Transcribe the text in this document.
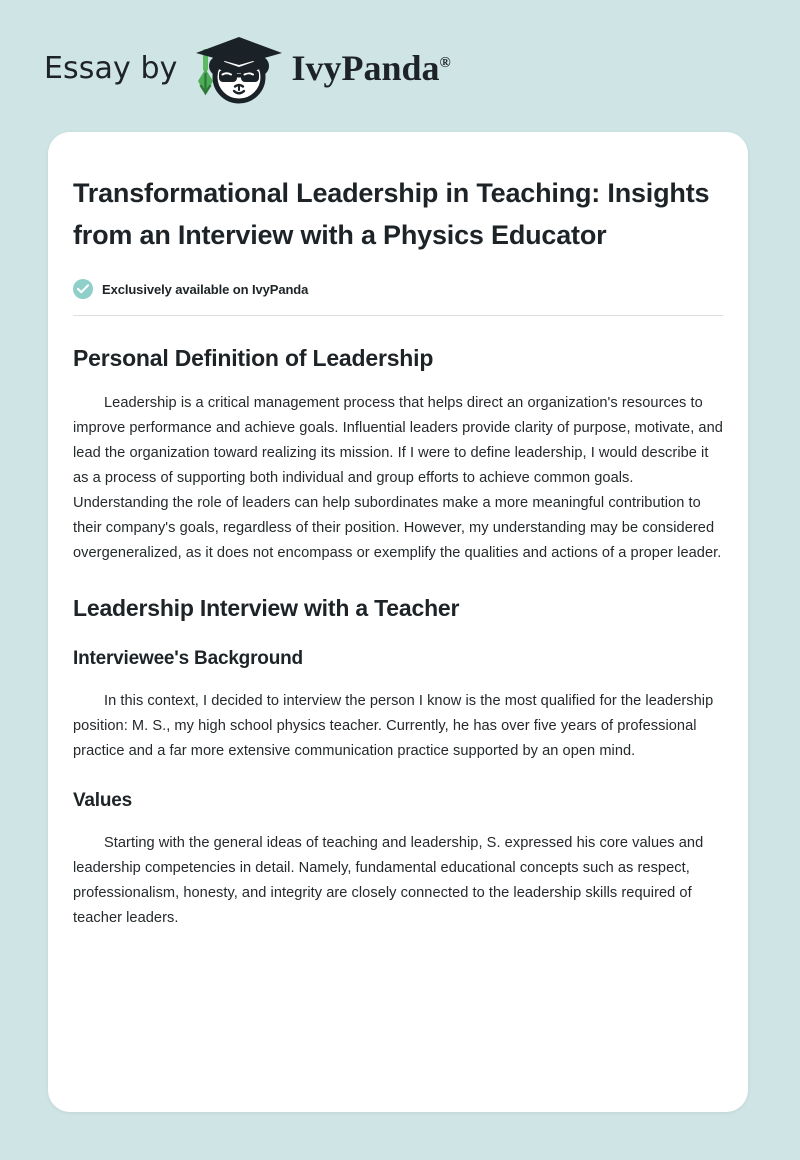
Essay by	IvyPanda®
Transformational Leadership in Teaching: Insights from an Interview with a Physics Educator
Exclusively available on IvyPanda
Personal Definition of Leadership

Leadership is a critical management process that helps direct an organization's resources to improve performance and achieve goals. Influential leaders provide clarity of purpose, motivate, and lead the organization toward realizing its mission. If I were to define leadership, I would describe it as a process of supporting both individual and group efforts to achieve common goals. Understanding the role of leaders can help subordinates make a more meaningful contribution to their company's goals, regardless of their position. However, my understanding may be considered overgeneralized, as it does not encompass or exemplify the qualities and actions of a proper leader.

Leadership Interview with a Teacher
Interviewee's Background

In this context, I decided to interview the person I know is the most qualified for the leadership position: M. S., my high school physics teacher. Currently, he has over five years of professional practice and a far more extensive communication practice supported by an open mind.

Values

Starting with the general ideas of teaching and leadership, S. expressed his core values and leadership competencies in detail. Namely, fundamental educational concepts such as respect, professionalism, honesty, and integrity are closely connected to the leadership skills required of teacher leaders.
